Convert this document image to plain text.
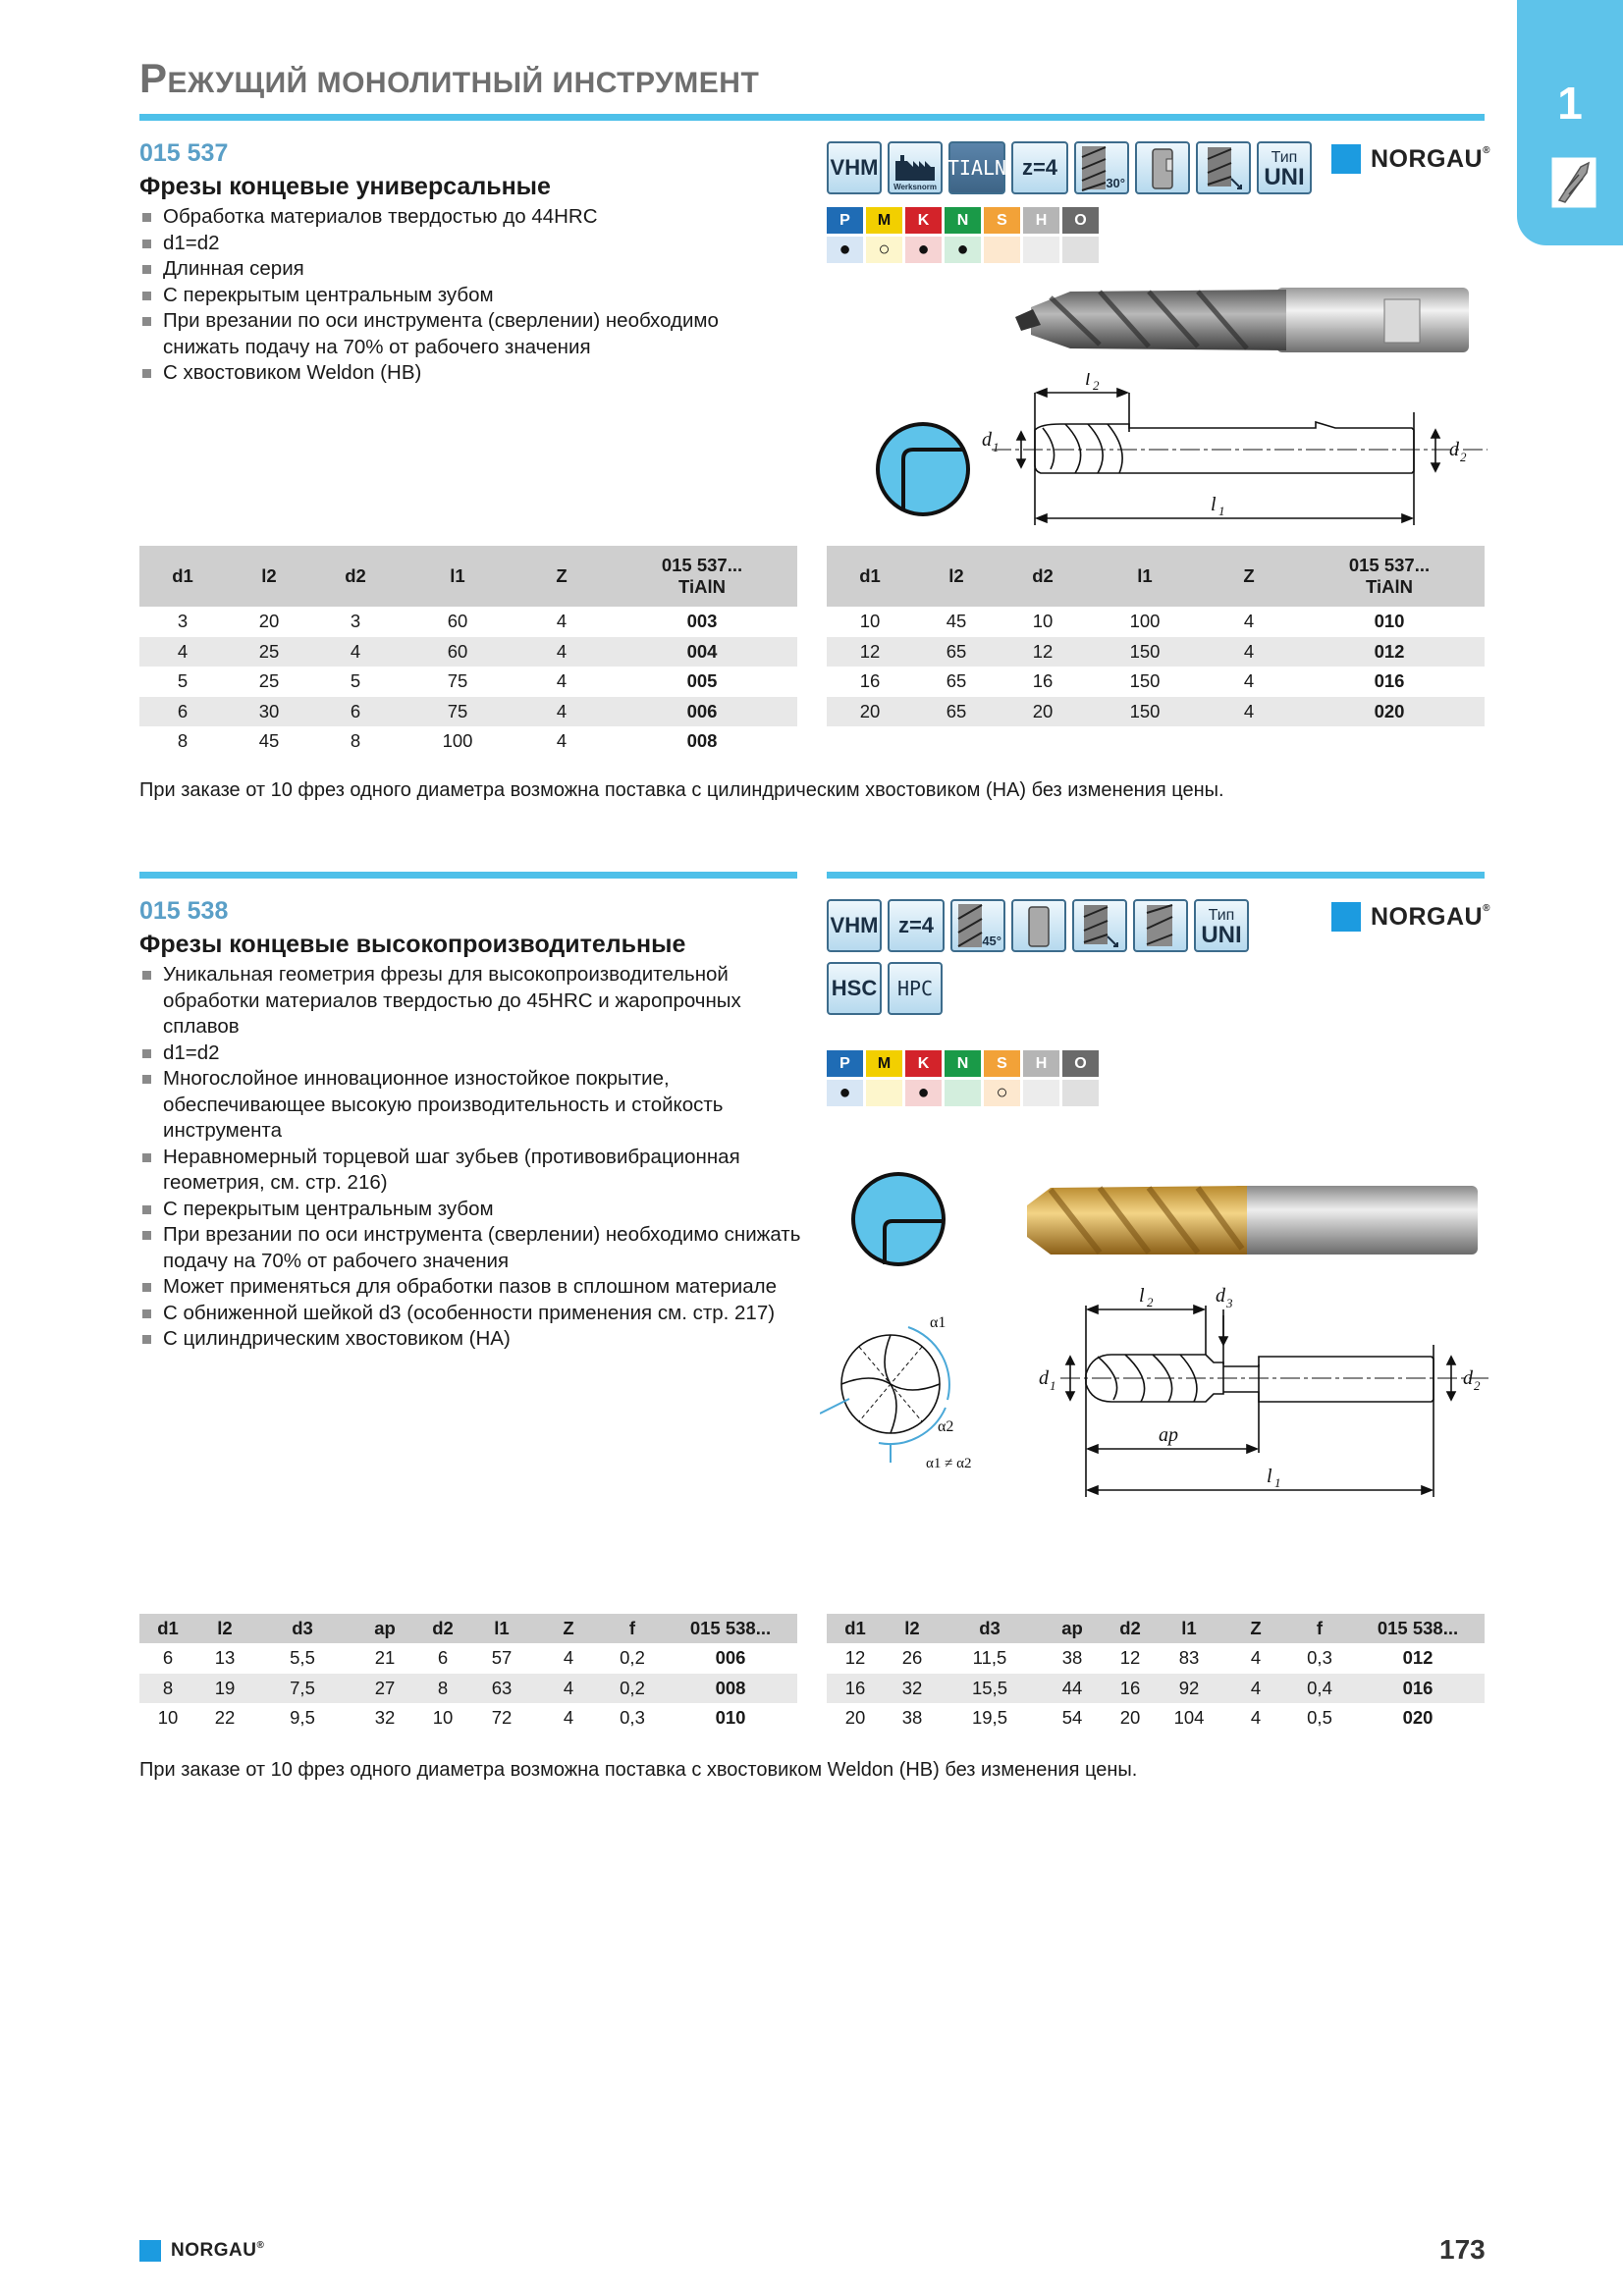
РЕЖУЩИЙ МОНОЛИТНЫЙ ИНСТРУМЕНТ	1
015 537
Фрезы концевые универсальные
Обработка материалов твердостью до 44HRC
d1=d2
Длинная серия
С перекрытым центральным зубом
При врезании по оси инструмента (сверлении) необходимо снижать подачу на 70% от рабочего значения
С хвостовиком Weldon (HB)
VHM
Werksnorm
TIALN z=4
30°
Тип
UNI
NORGAU®
P	M	K	N	S	H	O
●	○	●	●			
l 2
d 1	d 2
l 1
d1	l2	d2	l1	Z	015 537...
TiAlN
3	20	3	60	4	003
4	25	4	60	4	004
5	25	5	75	4	005
6	30	6	75	4	006
8	45	8	100	4	008
d1	l2	d2	l1	Z	015 537...
TiAlN
10	45	10	100	4	010
12	65	12	150	4	012
16	65	16	150	4	016
20	65	20	150	4	020
При заказе от 10 фрез одного диаметра возможна поставка с цилиндрическим хвостовиком (HA) без изменения цены.
015 538
Фрезы концевые высокопроизводительные
Уникальная геометрия фрезы для высокопроизводительной обработки материалов твердостью до 45HRC и жаропрочных сплавов
d1=d2
Многослойное инновационное изностойкое покрытие, обеспечивающее высокую производительность и стойкость инструмента
Неравномерный торцевой шаг зубьев (противовибрационная геометрия, см. стр. 216)
С перекрытым центральным зубом
При врезании по оси инструмента (сверлении) необходимо снижать подачу на 70% от рабочего значения
Может применяться для обработки пазов в сплошном материале
С обниженной шейкой d3 (особенности применения см. стр. 217)
С цилиндрическим хвостовиком (HA)
VHM z=4
45°
Тип
UNI
HSC	HPC
NORGAU®
P	M	K	N	S	H	O
●		●		○		
α1
α2
α1 ≠ α2
l 2	d 3
d 1	d 2
ap
l 1
d1	l2	d3	ap	d2	l1	Z	f	015 538...
6	13	5,5	21	6	57	4	0,2	006
8	19	7,5	27	8	63	4	0,2	008
10	22	9,5	32	10	72	4	0,3	010
d1	l2	d3	ap	d2	l1	Z	f	015 538...
12	26	11,5	38	12	83	4	0,3	012
16	32	15,5	44	16	92	4	0,4	016
20	38	19,5	54	20	104	4	0,5	020
При заказе от 10 фрез одного диаметра возможна поставка с хвостовиком Weldon (HB) без изменения цены.
NORGAU®	173
